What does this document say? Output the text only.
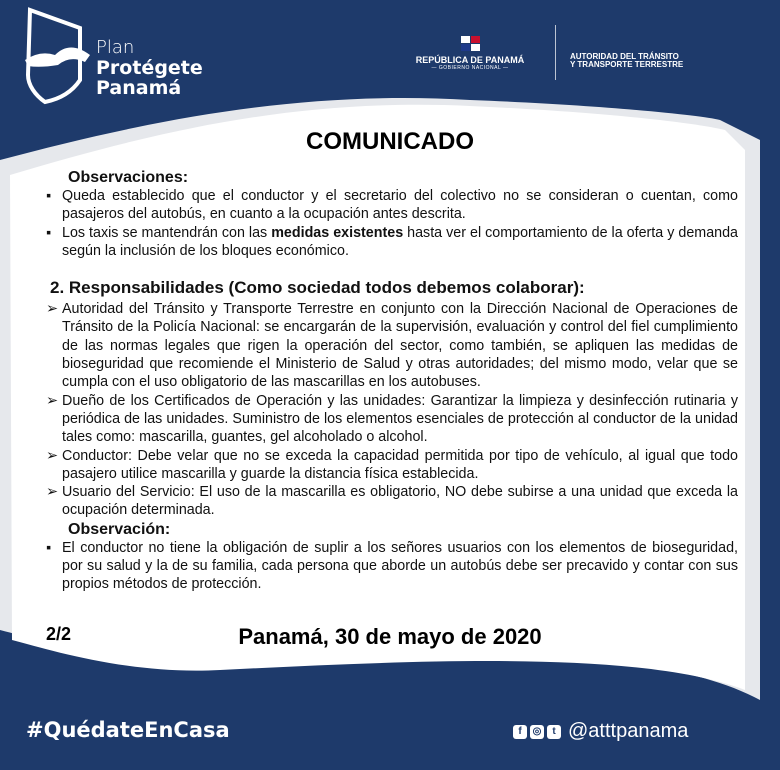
Plan
Protégete
Panamá
REPÚBLICA DE PANAMÁ
— GOBIERNO NACIONAL —
AUTORIDAD DEL TRÁNSITO
Y TRANSPORTE TERRESTRE
COMUNICADO
Observaciones:
▪ Queda establecido que el conductor y el secretario del colectivo no se consideran o cuentan, como pasajeros del autobús, en cuanto a la ocupación antes descrita.
▪ Los taxis se mantendrán con las medidas existentes hasta ver el comportamiento de la oferta y demanda según la inclusión de los bloques económico.
2. Responsabilidades (Como sociedad todos debemos colaborar):
➢ Autoridad del Tránsito y Transporte Terrestre en conjunto con la Dirección Nacional de Operaciones de Tránsito de la Policía Nacional: se encargarán de la supervisión, evaluación y control del fiel cumplimiento de las normas legales que rigen la operación del sector, como también, se apliquen las medidas de bioseguridad que recomiende el Ministerio de Salud y otras autoridades; del mismo modo, velar que se cumpla con el uso obligatorio de las mascarillas en los autobuses.
➢ Dueño de los Certificados de Operación y las unidades: Garantizar la limpieza y desinfección rutinaria y periódica de las unidades. Suministro de los elementos esenciales de protección al conductor de la unidad tales como: mascarilla, guantes, gel alcoholado o alcohol.
➢ Conductor: Debe velar que no se exceda la capacidad permitida por tipo de vehículo, al igual que todo pasajero utilice mascarilla y guarde la distancia física establecida.
➢ Usuario del Servicio: El uso de la mascarilla es obligatorio, NO debe subirse a una unidad que exceda la ocupación determinada.
Observación:
▪ El conductor no tiene la obligación de suplir a los señores usuarios con los elementos de bioseguridad, por su salud y la de su familia, cada persona que aborde un autobús debe ser precavido y contar con sus propios métodos de protección.
2/2	Panamá, 30 de mayo de 2020
#QuédateEnCasa	f	◎	t @atttpanama
